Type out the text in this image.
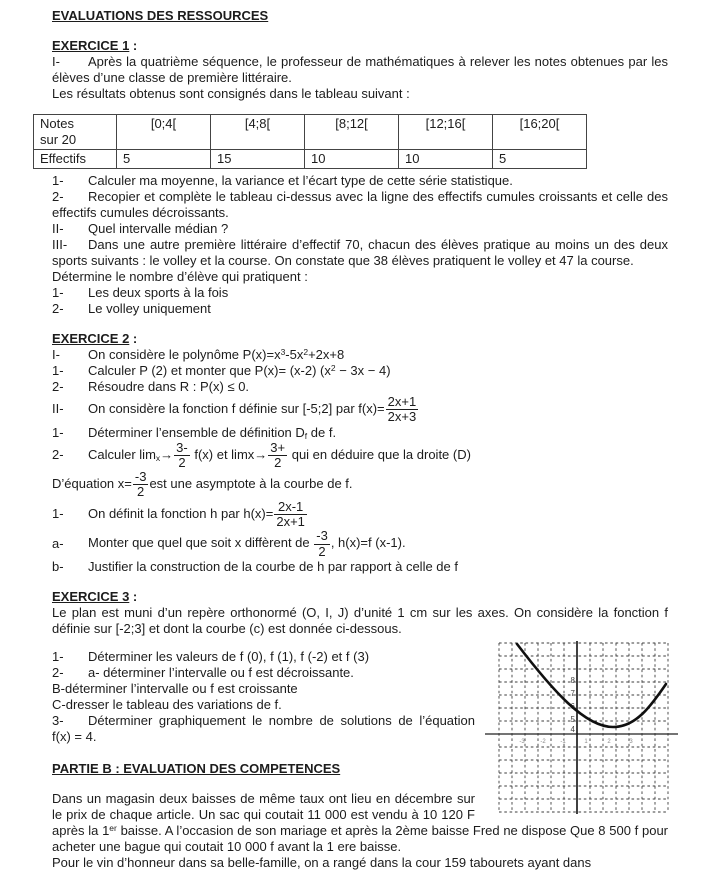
EVALUATIONS DES RESSOURCES

EXERCICE 1 :

I- Après la quatrième séquence, le professeur de mathématiques à relever les notes obtenues par les élèves d’une classe de première littéraire.

Les résultats obtenus sont consignés dans le tableau suivant :

Notes
sur 20	[0;4[	[4;8[	[8;12[	[12;16[	[16;20[
Effectifs	5	15	10	10	5

1- Calculer ma moyenne, la variance et l’écart type de cette série statistique.

2- Recopier et complète le tableau ci-dessus avec la ligne des effectifs cumules croissants et celle des effectifs cumules décroissants.

II- Quel intervalle médian ?

III- Dans une autre première littéraire d’effectif 70, chacun des élèves pratique au moins un des deux sports suivants : le volley et la course. On constate que 38 élèves pratiquent le volley et 47 la course.

Détermine le nombre d’élève qui pratiquent :

1- Les deux sports à la fois

2- Le volley uniquement

EXERCICE 2 :

I- On considère le polynôme $P(x)=x^3-5x^2+2x+8$

1- Calculer P (2) et monter que P(x)= (x-2) $(x^2 - 3x - 4)$

2- Résoudre dans R : P(x) ≤ 0.

II- On considère la fonction f définie sur [-5;2] par $f(x)= \frac{2x+1}{2x+3}$

1- Déterminer l’ensemble de définition $D_f$ de f.

2- Calculer $\lim_x\to \frac{3-}{2} f(x)$ et $\lim x\to \frac{3+}{2}$ qui en déduire que la droite (D)

D’équation $x= \frac{-3}{2}$ est une asymptote à la courbe de f.

1- On définit la fonction h par $h(x)= \frac{2x-1}{2x+1}$

a- Monter que quel que soit x diffèrent de $\frac{-3}{2}$ , h(x)=f (x-1).

b- Justifier la construction de la courbe de h par rapport à celle de f

EXERCICE 3 :

Le plan est muni d’un repère orthonormé (O, I, J) d’unité 1 cm sur les axes. On considère la fonction f définie sur [-2;3] et dont la courbe (c) est donnée ci-dessous.

8
7
6
5
4
-3	-2 -1	1	2	3

1- Déterminer les valeurs de f (0), f (1), f (-2) et f (3)

2- a- déterminer l’intervalle ou f est décroissante.

B-déterminer l’intervalle ou f est croissante

C-dresser le tableau des variations de f.

3- Déterminer graphiquement le nombre de solutions de l’équation f(x) = 4.

PARTIE B : EVALUATION DES COMPETENCES

Dans un magasin deux baisses de même taux ont lieu en décembre sur le prix de chaque article. Un sac qui coutait 11 000 est vendu à 10 120 F après la 1er baisse. A l’occasion de son mariage et après la 2ème baisse Fred ne dispose Que 8 500 f pour acheter une bague qui coutait 10 000 f avant la 1 ere baisse.

Pour le vin d’honneur dans sa belle-famille, on a rangé dans la cour 159 tabourets ayant dans
